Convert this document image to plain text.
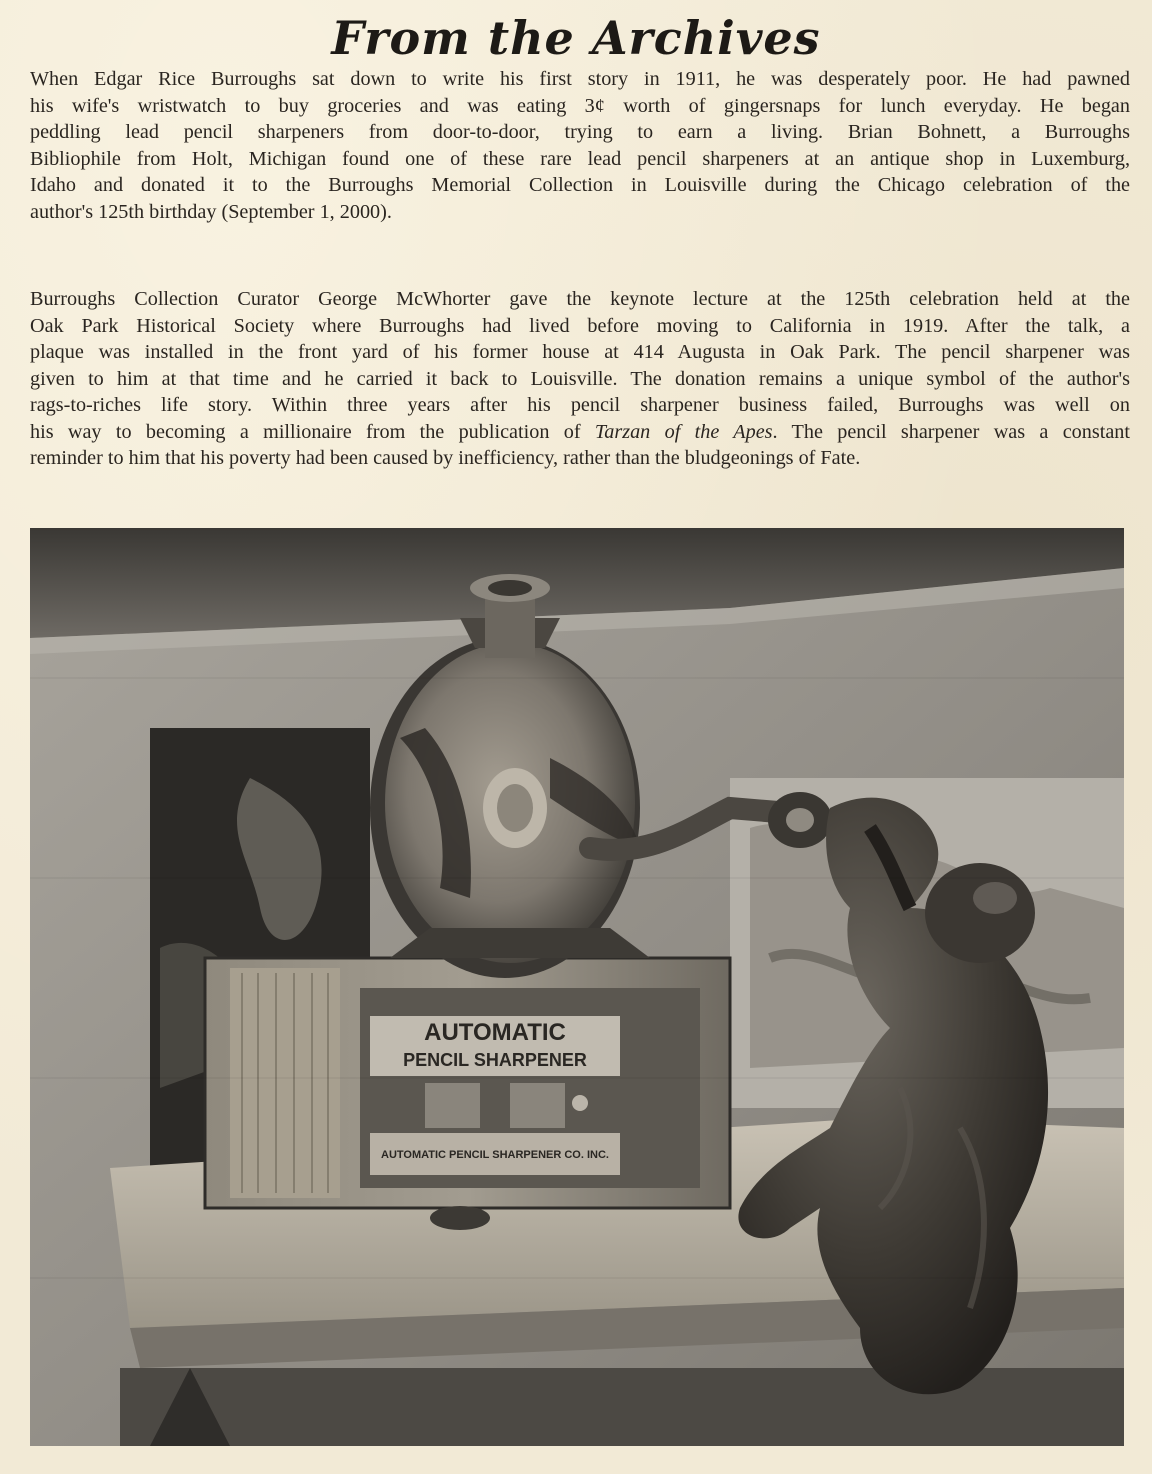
From the Archives
When Edgar Rice Burroughs sat down to write his first story in 1911, he was desperately poor. He had pawned
his wife's wristwatch to buy groceries and was eating 3¢ worth of gingersnaps for lunch everyday. He began
peddling lead pencil sharpeners from door-to-door, trying to earn a living. Brian Bohnett, a Burroughs
Bibliophile from Holt, Michigan found one of these rare lead pencil sharpeners at an antique shop in Luxemburg,
Idaho and donated it to the Burroughs Memorial Collection in Louisville during the Chicago celebration of the
author's 125th birthday (September 1, 2000).
Burroughs Collection Curator George McWhorter gave the keynote lecture at the 125th celebration held at the
Oak Park Historical Society where Burroughs had lived before moving to California in 1919. After the talk, a
plaque was installed in the front yard of his former house at 414 Augusta in Oak Park. The pencil sharpener was
given to him at that time and he carried it back to Louisville. The donation remains a unique symbol of the author's
rags-to-riches life story. Within three years after his pencil sharpener business failed, Burroughs was well on
his way to becoming a millionaire from the publication of Tarzan of the Apes. The pencil sharpener was a constant
reminder to him that his poverty had been caused by inefficiency, rather than the bludgeonings of Fate.
AUTOMATIC
PENCIL SHARPENER
AUTOMATIC PENCIL SHARPENER CO. INC.
